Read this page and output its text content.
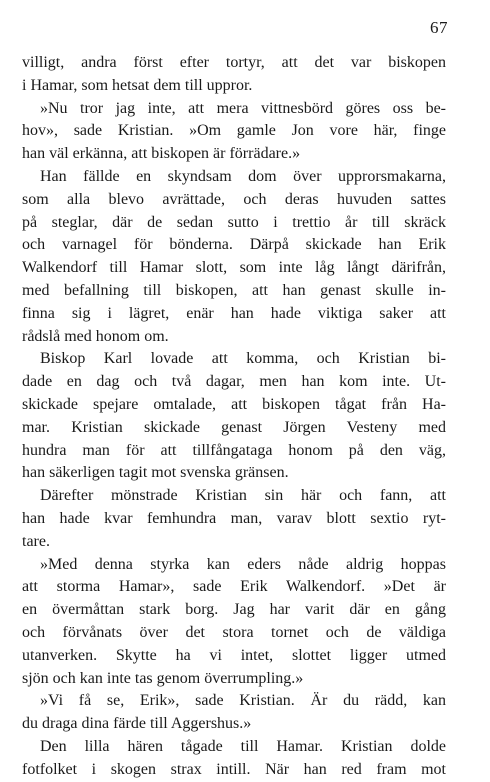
67
villigt, andra först efter tortyr, att det var biskopen
i Hamar, som hetsat dem till uppror.
»Nu tror jag inte, att mera vittnesbörd göres oss be-
hov», sade Kristian. »Om gamle Jon vore här, finge
han väl erkänna, att biskopen är förrädare.»
Han fällde en skyndsam dom över upprorsmakarna,
som alla blevo avrättade, och deras huvuden sattes
på steglar, där de sedan sutto i trettio år till skräck
och varnagel för bönderna. Därpå skickade han Erik
Walkendorf till Hamar slott, som inte låg långt därifrån,
med befallning till biskopen, att han genast skulle in-
finna sig i lägret, enär han hade viktiga saker att
rådslå med honom om.
Biskop Karl lovade att komma, och Kristian bi-
dade en dag och två dagar, men han kom inte. Ut-
skickade spejare omtalade, att biskopen tågat från Ha-
mar. Kristian skickade genast Jörgen Vesteny med
hundra man för att tillfångataga honom på den väg,
han säkerligen tagit mot svenska gränsen.
Därefter mönstrade Kristian sin här och fann, att
han hade kvar femhundra man, varav blott sextio ryt-
tare.
»Med denna styrka kan eders nåde aldrig hoppas
att storma Hamar», sade Erik Walkendorf. »Det är
en övermåttan stark borg. Jag har varit där en gång
och förvånats över det stora tornet och de väldiga
utanverken. Skytte ha vi intet, slottet ligger utmed
sjön och kan inte tas genom överrumpling.»
»Vi få se, Erik», sade Kristian. Är du rädd, kan
du draga dina färde till Aggershus.»
Den lilla hären tågade till Hamar. Kristian dolde
fotfolket i skogen strax intill. När han red fram mot
